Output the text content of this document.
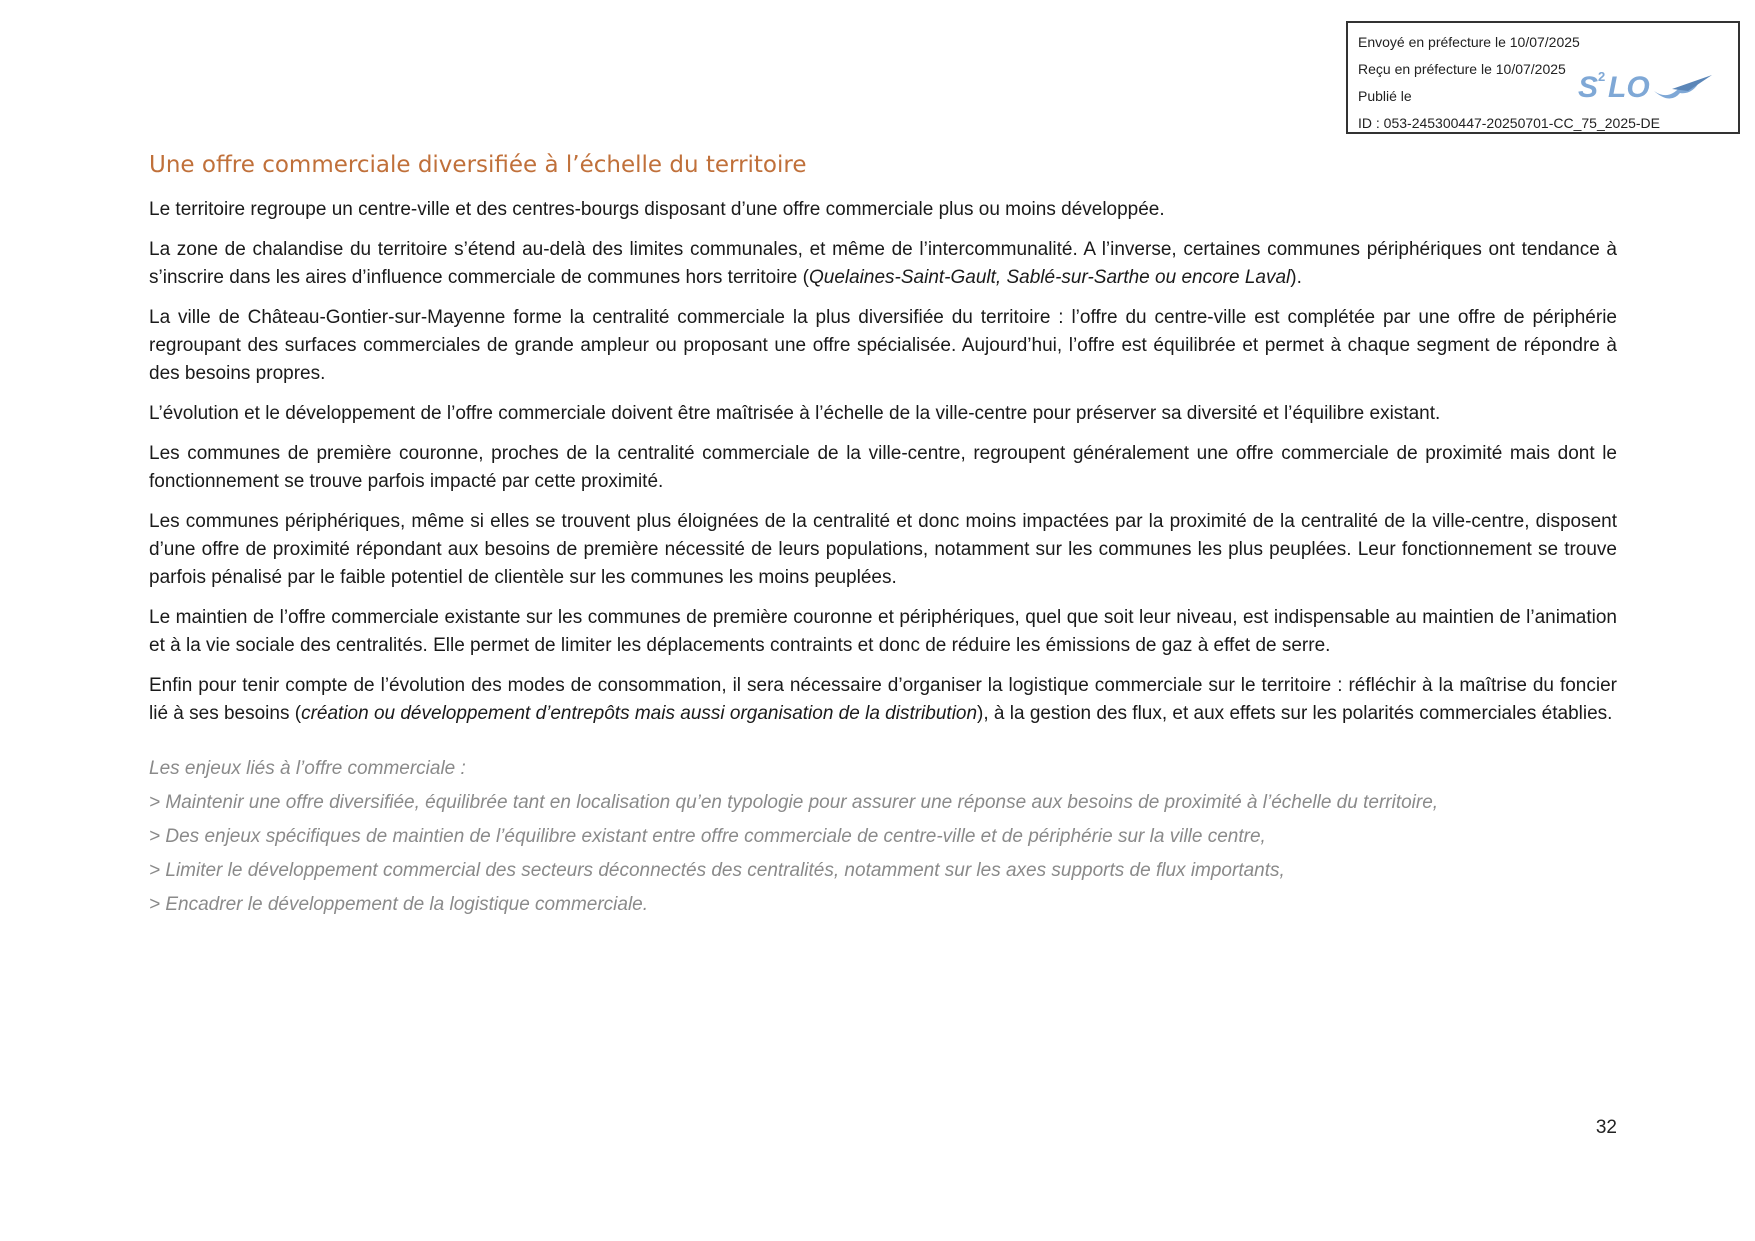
Envoyé en préfecture le 10/07/2025
Reçu en préfecture le 10/07/2025
Publié le
ID : 053-245300447-20250701-CC_75_2025-DE
S 2 LO
Une offre commerciale diversifiée à l’échelle du territoire

Le territoire regroupe un centre-ville et des centres-bourgs disposant d’une offre commerciale plus ou moins développée.

La zone de chalandise du territoire s’étend au-delà des limites communales, et même de l’intercommunalité. A l’inverse, certaines communes périphériques ont tendance à s’inscrire dans les aires d’influence commerciale de communes hors territoire (Quelaines-Saint-Gault, Sablé-sur-Sarthe ou encore Laval).

La ville de Château-Gontier-sur-Mayenne forme la centralité commerciale la plus diversifiée du territoire : l’offre du centre-ville est complétée par une offre de périphérie regroupant des surfaces commerciales de grande ampleur ou proposant une offre spécialisée. Aujourd’hui, l’offre est équilibrée et permet à chaque segment de répondre à des besoins propres.

L’évolution et le développement de l’offre commerciale doivent être maîtrisée à l’échelle de la ville-centre pour préserver sa diversité et l’équilibre existant.

Les communes de première couronne, proches de la centralité commerciale de la ville-centre, regroupent généralement une offre commerciale de proximité mais dont le fonctionnement se trouve parfois impacté par cette proximité.

Les communes périphériques, même si elles se trouvent plus éloignées de la centralité et donc moins impactées par la proximité de la centralité de la ville-centre, disposent d’une offre de proximité répondant aux besoins de première nécessité de leurs populations, notamment sur les communes les plus peuplées. Leur fonctionnement se trouve parfois pénalisé par le faible potentiel de clientèle sur les communes les moins peuplées.

Le maintien de l’offre commerciale existante sur les communes de première couronne et périphériques, quel que soit leur niveau, est indispensable au maintien de l’animation et à la vie sociale des centralités. Elle permet de limiter les déplacements contraints et donc de réduire les émissions de gaz à effet de serre.

Enfin pour tenir compte de l’évolution des modes de consommation, il sera nécessaire d’organiser la logistique commerciale sur le territoire : réfléchir à la maîtrise du foncier lié à ses besoins (création ou développement d’entrepôts mais aussi organisation de la distribution), à la gestion des flux, et aux effets sur les polarités commerciales établies.

Les enjeux liés à l’offre commerciale :

> Maintenir une offre diversifiée, équilibrée tant en localisation qu’en typologie pour assurer une réponse aux besoins de proximité à l’échelle du territoire,

> Des enjeux spécifiques de maintien de l’équilibre existant entre offre commerciale de centre-ville et de périphérie sur la ville centre,

> Limiter le développement commercial des secteurs déconnectés des centralités, notamment sur les axes supports de flux importants,

> Encadrer le développement de la logistique commerciale.

32
